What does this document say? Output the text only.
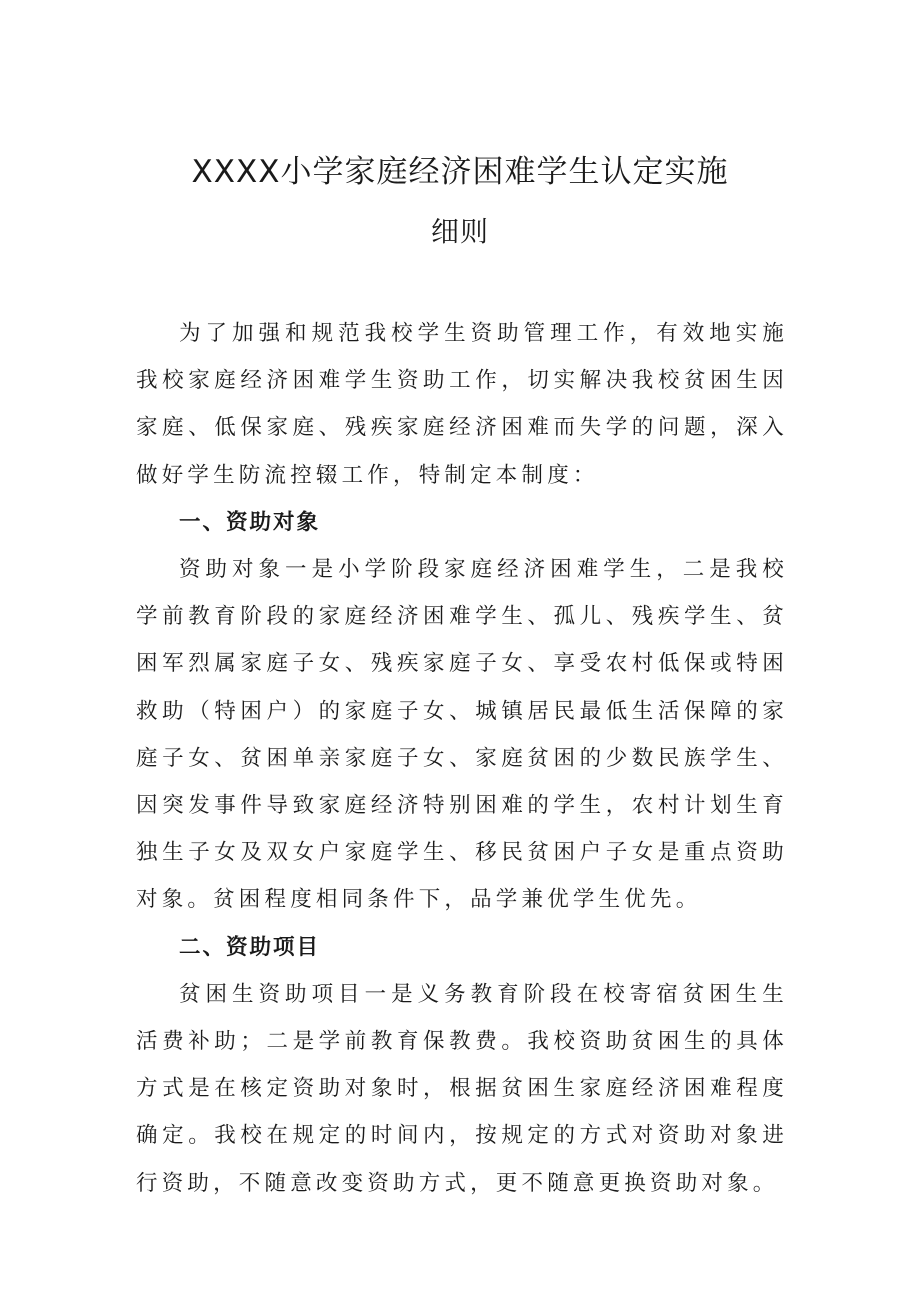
XXXX小学家庭经济困难学生认定实施
细则

为了加强和规范我校学生资助管理工作，有效地实施我校家庭经济困难学生资助工作，切实解决我校贫困生因家庭、低保家庭、残疾家庭经济困难而失学的问题，深入做好学生防流控辍工作，特制定本制度：

一、资助对象

资助对象一是小学阶段家庭经济困难学生，二是我校学前教育阶段的家庭经济困难学生、孤儿、残疾学生、贫困军烈属家庭子女、残疾家庭子女、享受农村低保或特困救助（特困户）的家庭子女、城镇居民最低生活保障的家庭子女、贫困单亲家庭子女、家庭贫困的少数民族学生、因突发事件导致家庭经济特别困难的学生，农村计划生育独生子女及双女户家庭学生、移民贫困户子女是重点资助对象。贫困程度相同条件下，品学兼优学生优先。

二、资助项目

贫困生资助项目一是义务教育阶段在校寄宿贫困生生活费补助；二是学前教育保教费。我校资助贫困生的具体方式是在核定资助对象时，根据贫困生家庭经济困难程度确定。我校在规定的时间内，按规定的方式对资助对象进行资助，不随意改变资助方式，更不随意更换资助对象。
